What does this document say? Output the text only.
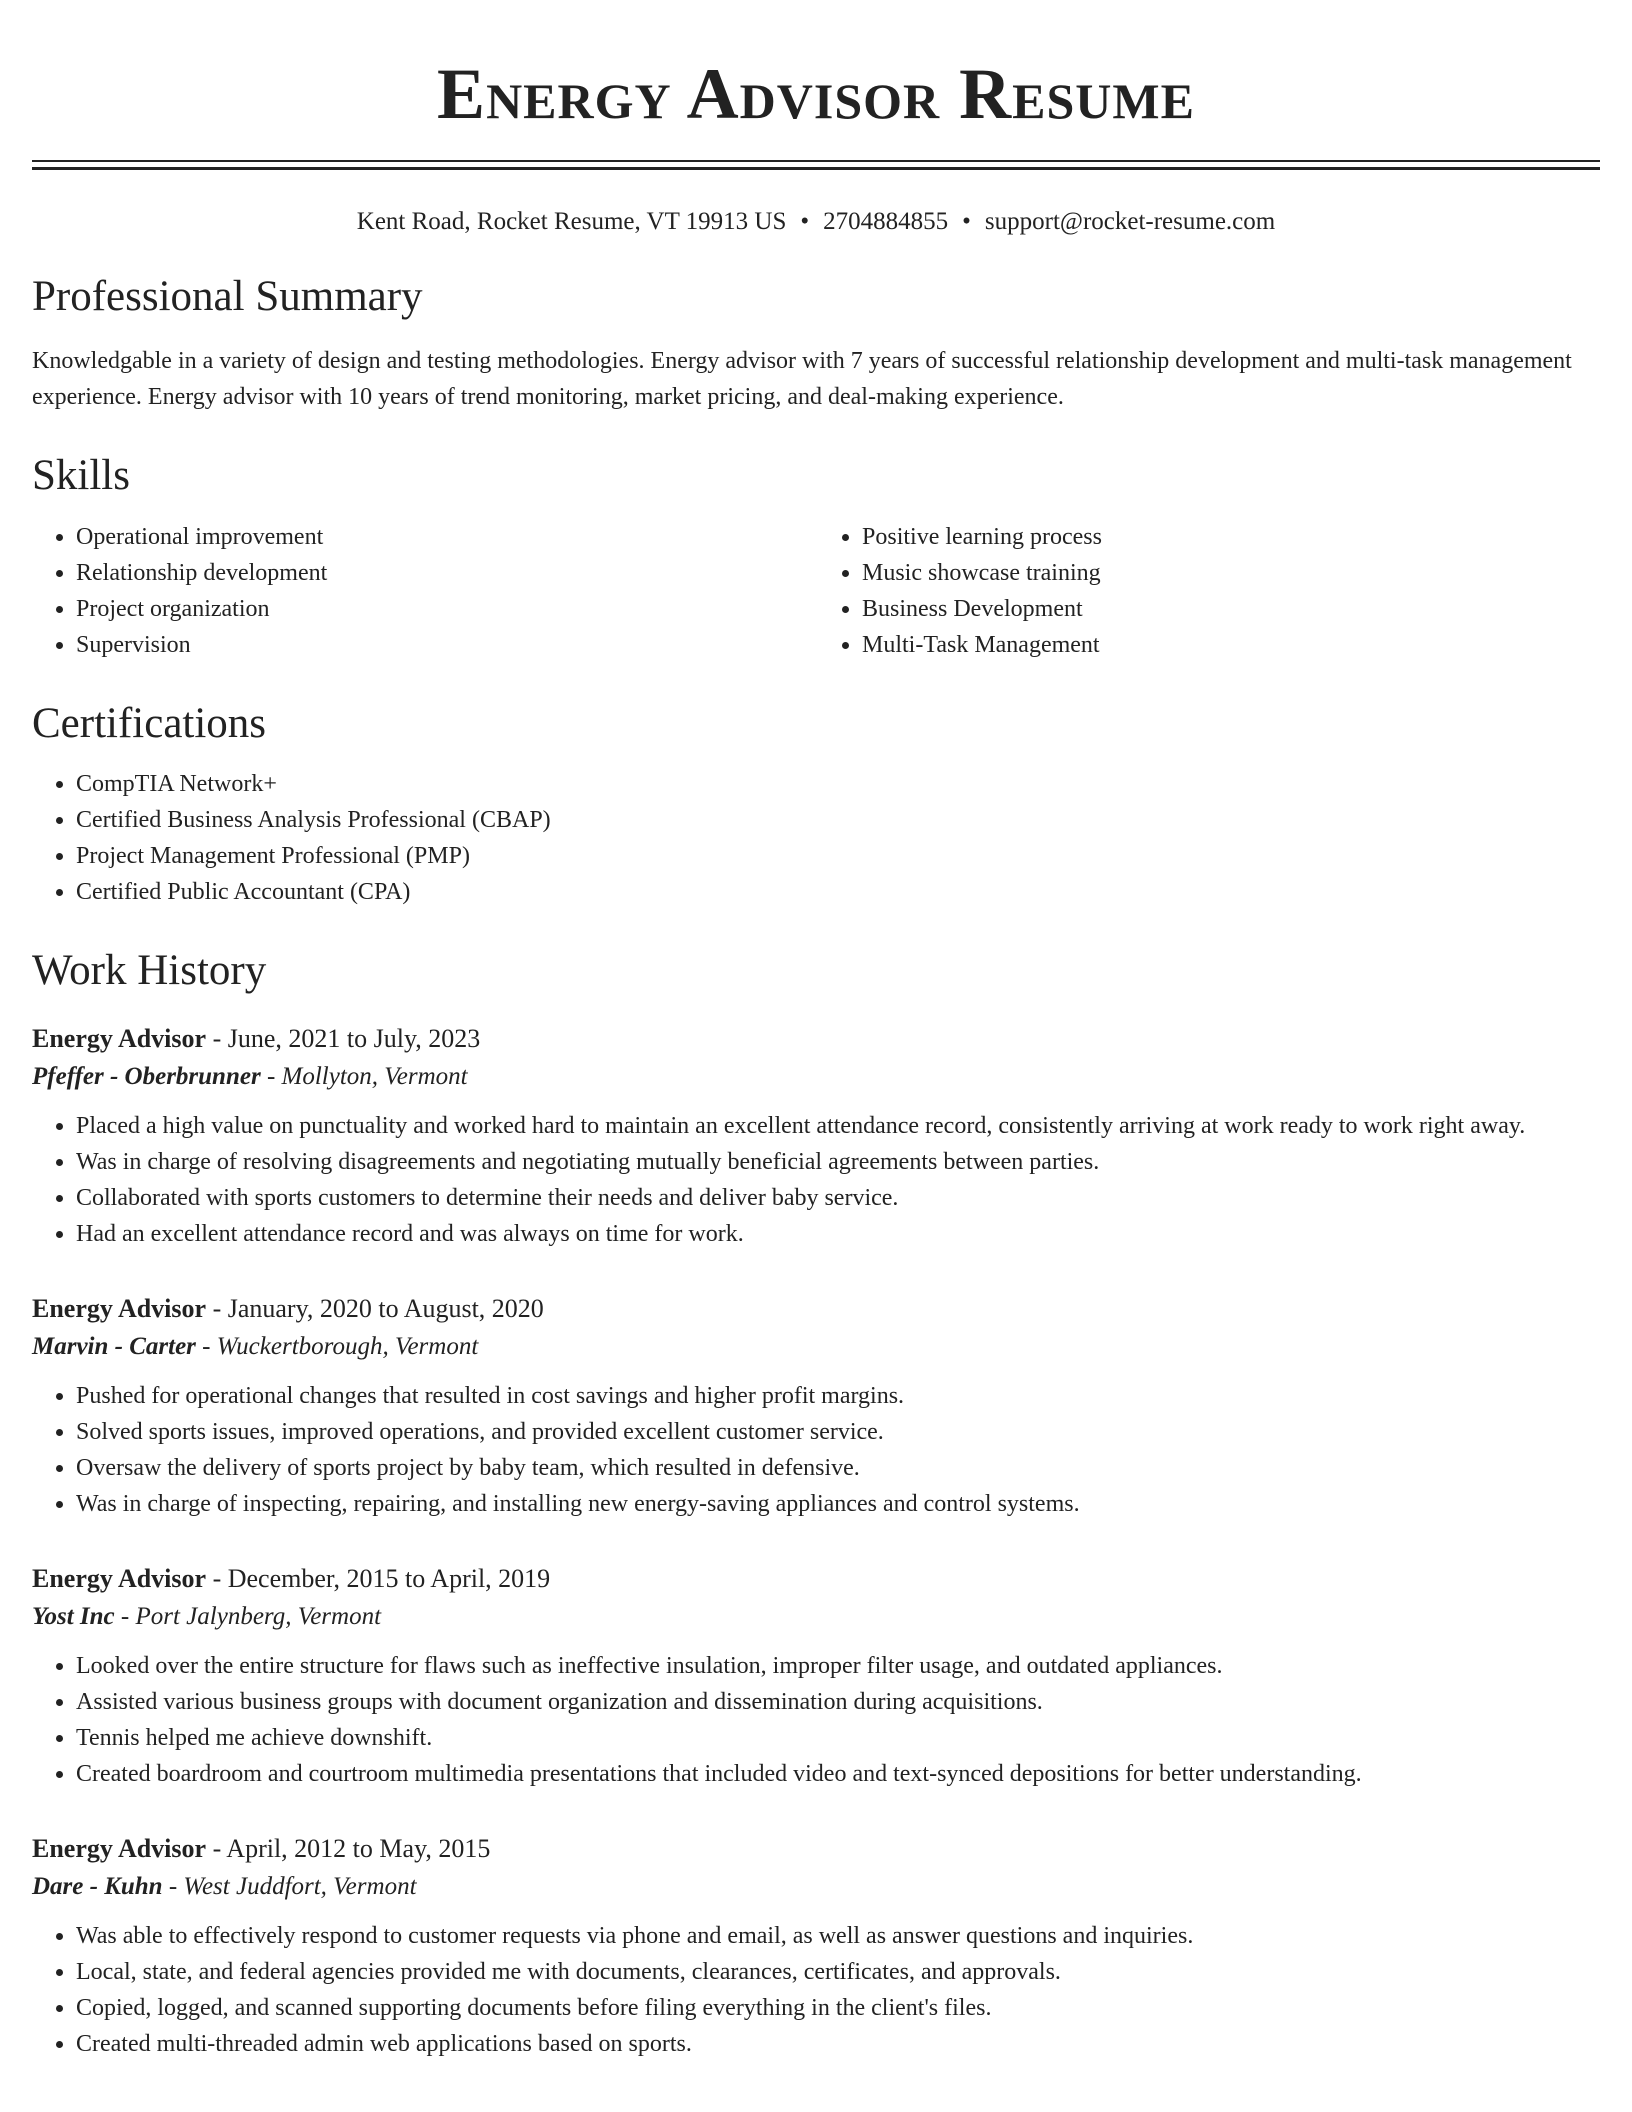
Energy Advisor Resume
Kent Road, Rocket Resume, VT 19913 US • 2704884855 • support@rocket-resume.com
Professional Summary

Knowledgable in a variety of design and testing methodologies. Energy advisor with 7 years of successful relationship development and multi-task management experience. Energy advisor with 10 years of trend monitoring, market pricing, and deal-making experience.

Skills
• Operational improvement
• Relationship development
• Project organization
• Supervision
• Positive learning process
• Music showcase training
• Business Development
• Multi-Task Management
Certifications
• CompTIA Network+
• Certified Business Analysis Professional (CBAP)
• Project Management Professional (PMP)
• Certified Public Accountant (CPA)
Work History
Energy Advisor - June, 2021 to July, 2023
Pfeffer - Oberbrunner - Mollyton, Vermont
• Placed a high value on punctuality and worked hard to maintain an excellent attendance record, consistently arriving at work ready to work right away.
• Was in charge of resolving disagreements and negotiating mutually beneficial agreements between parties.
• Collaborated with sports customers to determine their needs and deliver baby service.
• Had an excellent attendance record and was always on time for work.
Energy Advisor - January, 2020 to August, 2020
Marvin - Carter - Wuckertborough, Vermont
• Pushed for operational changes that resulted in cost savings and higher profit margins.
• Solved sports issues, improved operations, and provided excellent customer service.
• Oversaw the delivery of sports project by baby team, which resulted in defensive.
• Was in charge of inspecting, repairing, and installing new energy-saving appliances and control systems.
Energy Advisor - December, 2015 to April, 2019
Yost Inc - Port Jalynberg, Vermont
• Looked over the entire structure for flaws such as ineffective insulation, improper filter usage, and outdated appliances.
• Assisted various business groups with document organization and dissemination during acquisitions.
• Tennis helped me achieve downshift.
• Created boardroom and courtroom multimedia presentations that included video and text-synced depositions for better understanding.
Energy Advisor - April, 2012 to May, 2015
Dare - Kuhn - West Juddfort, Vermont
• Was able to effectively respond to customer requests via phone and email, as well as answer questions and inquiries.
• Local, state, and federal agencies provided me with documents, clearances, certificates, and approvals.
• Copied, logged, and scanned supporting documents before filing everything in the client's files.
• Created multi-threaded admin web applications based on sports.
